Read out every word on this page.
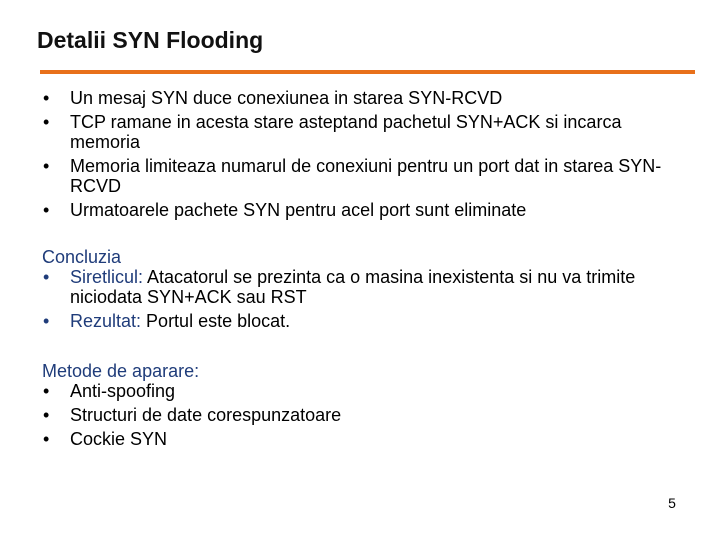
Detalii SYN Flooding
• Un mesaj SYN duce conexiunea in starea SYN-RCVD
• TCP ramane in acesta stare asteptand pachetul SYN+ACK si incarca memoria
• Memoria limiteaza numarul de conexiuni pentru un port dat in starea SYN-RCVD
• Urmatoarele pachete SYN pentru acel port sunt eliminate
Concluzia
• Siretlicul: Atacatorul se prezinta ca o masina inexistenta si nu va trimite niciodata SYN+ACK sau RST
• Rezultat: Portul este blocat.
Metode de aparare:
• Anti-spoofing
• Structuri de date corespunzatoare
• Cockie SYN
5
